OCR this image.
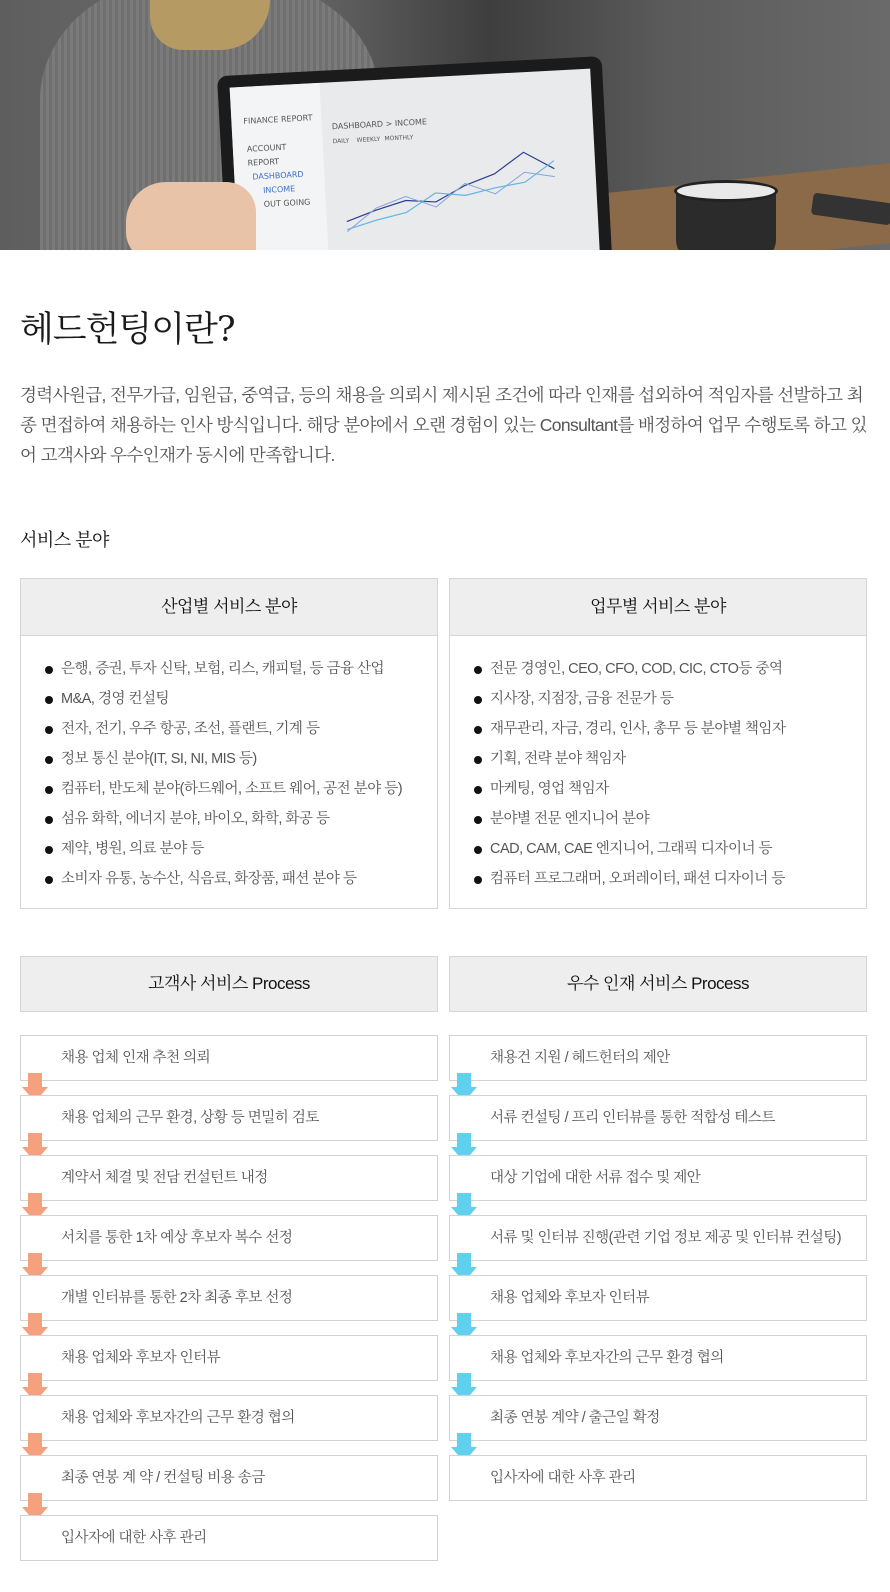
FINANCE REPORT
ACCOUNT
REPORT
DASHBOARD
INCOME
OUT GOING
DASHBOARD > INCOME
DAILY WEEKLY MONTHLY
헤드헌팅이란?

경력사원급, 전무가급, 임원급, 중역급, 등의 채용을 의뢰시 제시된 조건에 따라 인재를 섭외하여 적임자를 선발하고 최종 면접하여 채용하는 인사 방식입니다. 해당 분야에서 오랜 경험이 있는 Consultant를 배정하여 업무 수행토록 하고 있어 고객사와 우수인재가 동시에 만족합니다.

서비스 분야
산업별 서비스 분야
은행, 증권, 투자 신탁, 보험, 리스, 캐피털, 등 금융 산업
M&A, 경영 컨설팅
전자, 전기, 우주 항공, 조선, 플랜트, 기계 등
정보 통신 분야(IT, SI, NI, MIS 등)
컴퓨터, 반도체 분야(하드웨어, 소프트 웨어, 공전 분야 등)
섬유 화학, 에너지 분야, 바이오, 화학, 화공 등
제약, 병원, 의료 분야 등
소비자 유통, 농수산, 식음료, 화장품, 패션 분야 등
업무별 서비스 분야
전문 경영인, CEO, CFO, COD, CIC, CTO등 중역
지사장, 지점장, 금융 전문가 등
재무관리, 자금, 경리, 인사, 총무 등 분야별 책임자
기획, 전략 분야 책임자
마케팅, 영업 책임자
분야별 전문 엔지니어 분야
CAD, CAM, CAE 엔지니어, 그래픽 디자이너 등
컴퓨터 프로그래머, 오퍼레이터, 패션 디자이너 등
고객사 서비스 Process	우수 인재 서비스 Process
채용 업체 인재 추천 의뢰
채용 업체의 근무 환경, 상황 등 면밀히 검토
계약서 체결 및 전담 컨설턴트 내정
서치를 통한 1차 예상 후보자 복수 선정
개별 인터뷰를 통한 2차 최종 후보 선정
채용 업체와 후보자 인터뷰
채용 업체와 후보자간의 근무 환경 협의
최종 연봉 계 약 / 컨설팅 비용 송금
입사자에 대한 사후 관리
채용건 지원 / 헤드헌터의 제안
서류 컨설팅 / 프리 인터뷰를 통한 적합성 테스트
대상 기업에 대한 서류 접수 및 제안
서류 및 인터뷰 진행(관련 기업 정보 제공 및 인터뷰 컨설팅)
채용 업체와 후보자 인터뷰
채용 업체와 후보자간의 근무 환경 협의
최종 연봉 계약 / 출근일 확정
입사자에 대한 사후 관리
